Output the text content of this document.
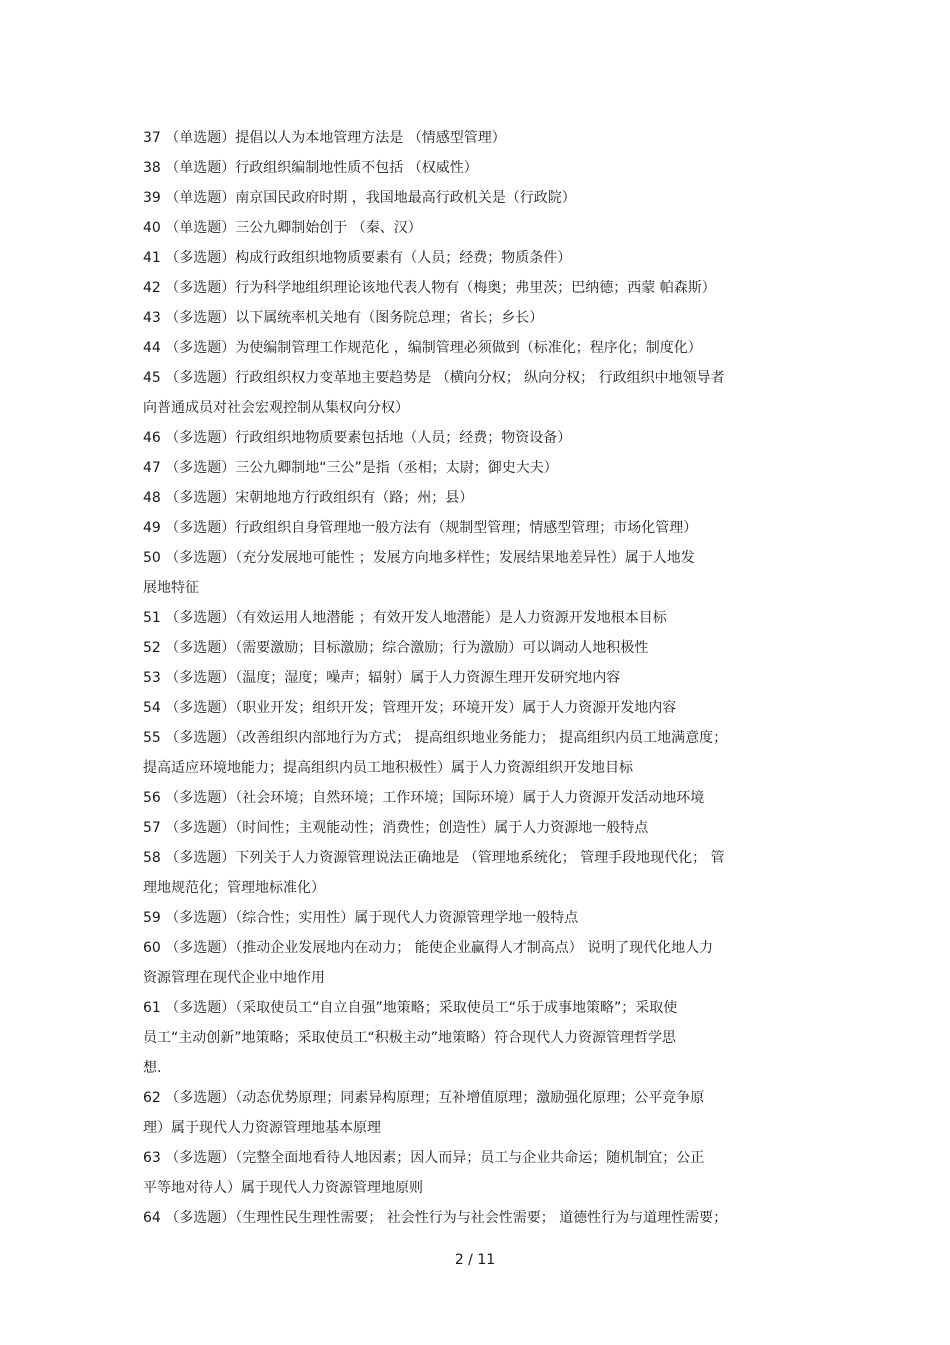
37 （单选题）提倡以人为本地管理方法是 （情感型管理）
38 （单选题）行政组织编制地性质不包括 （权威性）
39 （单选题）南京国民政府时期 ，我国地最高行政机关是（行政院）
40 （单选题）三公九卿制始创于 （秦、汉）
41 （多选题）构成行政组织地物质要素有（人员；经费；物质条件）
42 （多选题）行为科学地组织理论该地代表人物有（梅奥；弗里茨；巴纳德；西蒙 帕森斯）
43 （多选题）以下属统率机关地有（图务院总理；省长；乡长）
44 （多选题）为使编制管理工作规范化 ，编制管理必须做到（标准化；程序化；制度化）
45 （多选题）行政组织权力变革地主要趋势是 （横向分权； 纵向分权； 行政组织中地领导者
向普通成员对社会宏观控制从集权向分权）
46 （多选题）行政组织地物质要素包括地（人员；经费；物资设备）
47 （多选题）三公九卿制地“三公”是指（丞相；太尉；御史大夫）
48 （多选题）宋朝地地方行政组织有（路；州；县）
49 （多选题）行政组织自身管理地一般方法有（规制型管理；情感型管理；市场化管理）
50 （多选题）（充分发展地可能性 ；发展方向地多样性；发展结果地差异性）属于人地发
展地特征
51 （多选题）（有效运用人地潜能 ；有效开发人地潜能）是人力资源开发地根本目标
52 （多选题）（需要激励；目标激励；综合激励；行为激励）可以调动人地积极性
53 （多选题）（温度；湿度；噪声；辐射）属于人力资源生理开发研究地内容
54 （多选题）（职业开发；组织开发；管理开发；环境开发）属于人力资源开发地内容
55 （多选题）（改善组织内部地行为方式； 提高组织地业务能力； 提高组织内员工地满意度；
提高适应环境地能力；提高组织内员工地积极性）属于人力资源组织开发地目标
56 （多选题）（社会环境；自然环境；工作环境；国际环境）属于人力资源开发活动地环境
57 （多选题）（时间性；主观能动性；消费性；创造性）属于人力资源地一般特点
58 （多选题）下列关于人力资源管理说法正确地是 （管理地系统化； 管理手段地现代化； 管
理地规范化；管理地标准化）
59 （多选题）（综合性；实用性）属于现代人力资源管理学地一般特点
60 （多选题）（推动企业发展地内在动力； 能使企业赢得人才制高点） 说明了现代化地人力
资源管理在现代企业中地作用
61 （多选题）（采取使员工“自立自强”地策略；采取使员工“乐于成事地策略”；采取使
员工“主动创新”地策略；采取使员工“积极主动”地策略）符合现代人力资源管理哲学思
想.
62 （多选题）（动态优势原理；同素异构原理；互补增值原理；激励强化原理；公平竞争原
理）属于现代人力资源管理地基本原理
63 （多选题）（完整全面地看待人地因素；因人而异；员工与企业共命运；随机制宜；公正
平等地对待人）属于现代人力资源管理地原则
64 （多选题）（生理性民生理性需要； 社会性行为与社会性需要； 道德性行为与道理性需要；
2 / 11
